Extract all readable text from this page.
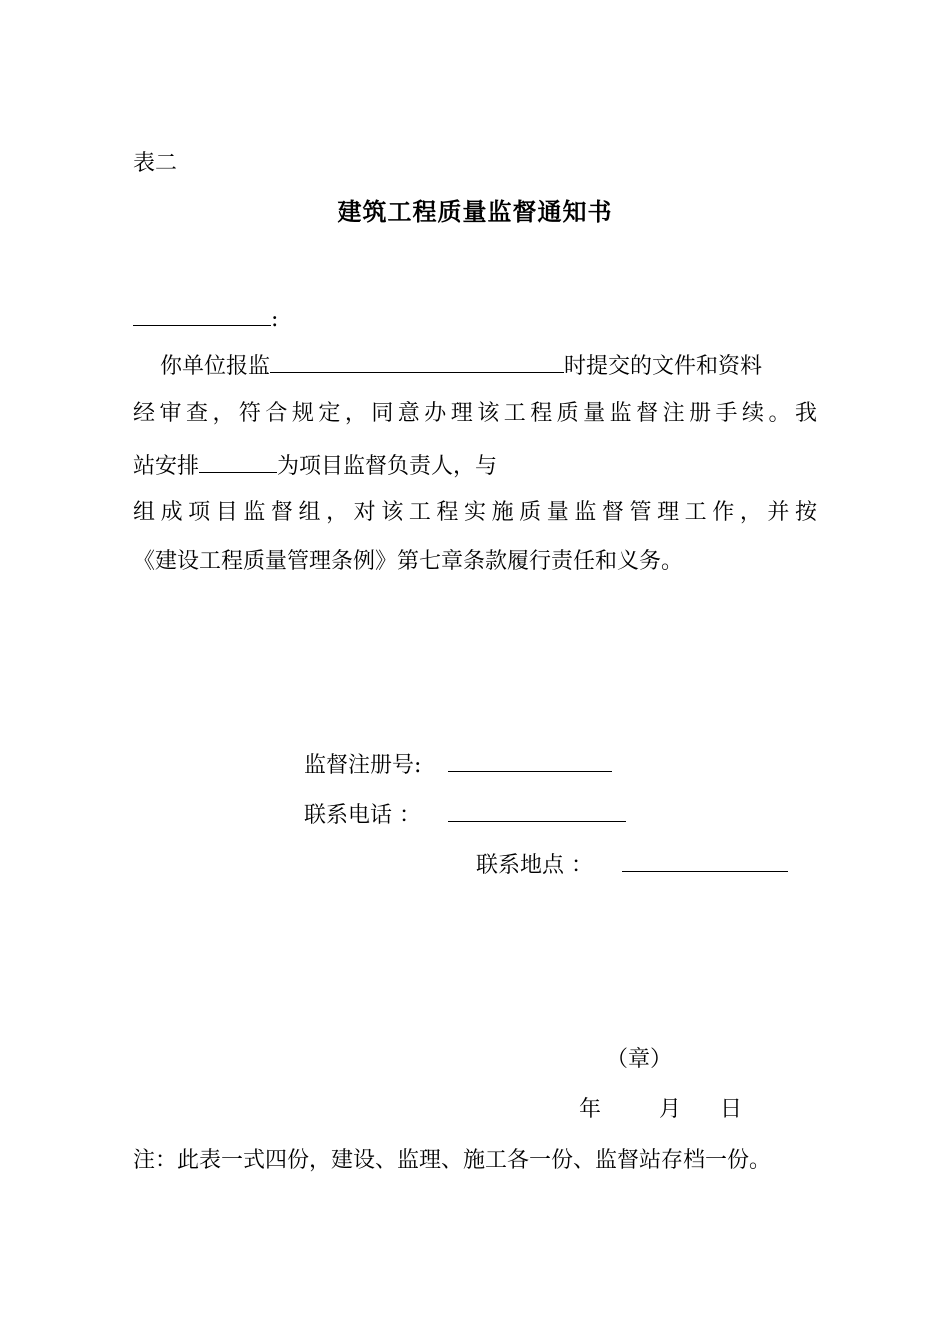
表二
建筑工程质量监督通知书
:
你单位报监	时提交的文件和资料
经审查，符合规定，同意办理该工程质量监督注册手续。我
站安排	为项目监督负责人，与
组成项目监督组，对该工程实施质量监督管理工作，并按
《建设工程质量管理条例》第七章条款履行责任和义务。
监督注册号:
联系电话 ：
联系地点 ：
（章）
年	月 日
注：此表一式四份，建设、监理、施工各一份、监督站存档一份。
